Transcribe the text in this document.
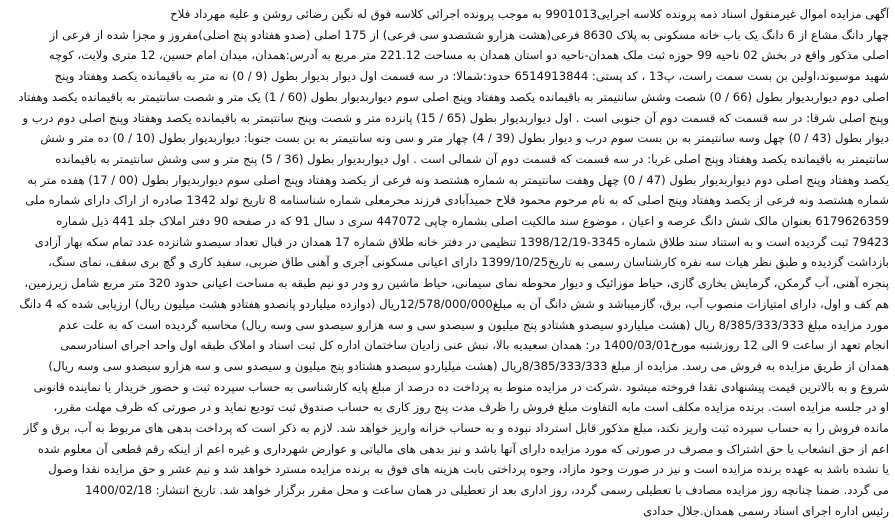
آگهی مزایده اموال غیرمنقول اسناد ذمه پرونده کلاسه اجرایی9901013 به موجب پرونده اجرائی کلاسه فوق له نگین رضائی روشن و علیه مهرداد فلاح
چهار دانگ مشاع از 6 دانگ یک باب خانه مسکونی به پلاک 8630 فرعی(هشت هزارو ششصدو سی فرعی) از 175 اصلی (صدو هفتادو پنج اصلی)مفروز و مجزا شده از فرعی از
اصلی مذکور واقع در بخش 02 ناحیه 99 حوزه ثبت ملک همدان-ناحیه دو استان همدان به مساحت 221.12 متر مربع به آدرس:همدان، میدان امام حسین، 12 متری ولایت، کوچه
شهید موسیوند،اولین بن بست سمت راست، پ13 ، کد پستی: 6514913844 حدود:شمالا: در سه قسمت اول دیوار بدیوار بطول (9 / 0) نه متر به باقیمانده یکصد وهفتاد وپنج
اصلی دوم دیواربدیوار بطول (66 / 0) شصت وشش سانتیمتر به باقیمانده یکصد وهفتاد وپنج اصلی سوم دیواربدیوار بطول (60 / 1) یک متر و شصت سانتیمتر به باقیمانده یکصد وهفتاد
وپنج اصلی شرقا: در سه قسمت که قسمت دوم آن جنوبی است . اول دیواربدیوار بطول (65 / 15) پانزده متر و شصت وپنج سانتیمتر به باقیمانده یکصد وهفتاد وپنج اصلی دوم درب و
دیوار بطول (43 / 0) چهل وسه سانتیمتر به بن بست سوم درب و دیوار بطول (39 / 4) چهار متر و سی ونه سانتیمتر به بن بست جنوبا: دیواربدیوار بطول (10 / 0) ده متر و شش
سانتیمتر به باقیمانده یکصد وهفتاد وپنج اصلی غربا: در سه قسمت که قسمت دوم آن شمالی است . اول دیواربدیوار بطول (36 / 5) پنج متر و سی وشش سانتیمتر به باقیمانده
یکصد وهفتاد وپنج اصلی دوم دیواربدیوار بطول (47 / 0) چهل وهفت سانتیمتر به شماره هشتصد ونه فرعی از یکصد وهفتاد وپنج اصلی سوم دیواربدیوار بطول (00 / 17) هفده متر به
شماره هشتصد ونه فرعی از یکصد وهفتاد وپنج اصلی که به نام مرحوم محمود فلاح حمیدآبادی فرزند محرمعلی شماره شناسنامه 8 تاریخ تولد 1342 صادره از اراک دارای شماره ملی
6179626359 بعنوان مالک شش دانگ عرصه و اعیان ، موضوع سند مالکیت اصلی بشماره چاپی 447072 سری د سال 91 که در صفحه 90 دفتر املاک جلد 441 ذیل شماره
79423 ثبت گردیده است و به استناد سند طلاق شماره 3345-1398/12/19 تنظیمی در دفتر خانه طلاق شماره 17 همدان در قبال تعداد سیصدو شانزده عدد تمام سکه بهار آزادی
بازداشت گردیده و طبق نظر هیات سه نفره کارشناسان رسمی به تاریخ1399/10/25 دارای اعیانی مسکونی آجری و آهنی طاق ضربی، سفید کاری و گچ بری سقف، نمای سنگ،
پنجره آهنی، آب گرمکن، گرمایش بخاری گازی، حیاط موزائیک و دیوار محوطه نمای سیمانی، حیاط ماشین رو ودر دو نیم طبقه به مساحت اعیانی حدود 320 متر مربع شامل زیرزمین،
هم کف و اول، دارای امتیازات منصوب آب، برق، گازمیباشد و شش دانگ آن به مبلغ12/578/000/000ریال (دوازده میلیاردو پانصدو هفتادو هشت میلیون ریال) ارزیابی شده که 4 دانگ
مورد مزایده مبلغ 8/385/333/333 ریال (هشت میلیاردو سیصدو هشتادو پنج میلیون و سیصدو سی و سه هزارو سیصدو سی وسه ریال) محاسبه گردیده است که به علت عدم
انجام تعهد از ساعت 9 الی 12 روزشنبه مورخ1400/03/01 در: همدان سعیدیه بالا، نبش عنی زادیان ساختمان اداره کل ثبت اسناد و املاک طبقه اول واحد اجرای اسنادرسمی
همدان از طریق مزایده به فروش می رسد. مزایده از مبلغ 8/385/333/333ریال (هشت میلیاردو سیصدو هشتادو پنج میلیون و سیصدو سی و سه هزارو سیصدو سی وسه ریال)
شروع و به بالاترین قیمت پیشنهادی نقدا فروخته میشود .شرکت در مزایده منوط به پرداخت ده درصد از مبلغ پایه کارشناسی به حساب سپرده ثبت و حضور خریدار یا نماینده قانونی
او در جلسه مزایده است. برنده مزایده مکلف است مابه التفاوت مبلغ فروش را ظرف مدت پنج روز کاری به حساب صندوق ثبت تودیع نماید و در صورتی که ظرف مهلت مقرر،
مانده فروش را به حساب سپرده ثبت واریز نکند، مبلغ مذکور قابل استرداد نبوده و به حساب خزانه واریز خواهد شد. لازم به ذکر است که پرداخت بدهی های مربوط به آب، برق و گاز
اعم از حق انشعاب یا حق اشتراک و مصرف در صورتی که مورد مزایده دارای آنها باشد و نیز بدهی های مالیاتی و عوارض شهرداری و غیره اعم از اینکه رقم قطعی آن معلوم شده
یا نشده باشد به عهده برنده مزایده است و نیز در صورت وجود مازاد، وجوه پرداختی بابت هزینه های فوق به برنده مزایده مسترد خواهد شد و نیم عشر و حق مزایده نقدا وصول
می گردد. ضمنا چنانچه روز مزایده مصادف با تعطیلی رسمی گردد، روز اداری بعد از تعطیلی در همان ساعت و محل مقرر برگزار خواهد شد. تاریخ انتشار: 1400/02/18
رئیس اداره اجرای اسناد رسمی همدان.جلال حدادی
